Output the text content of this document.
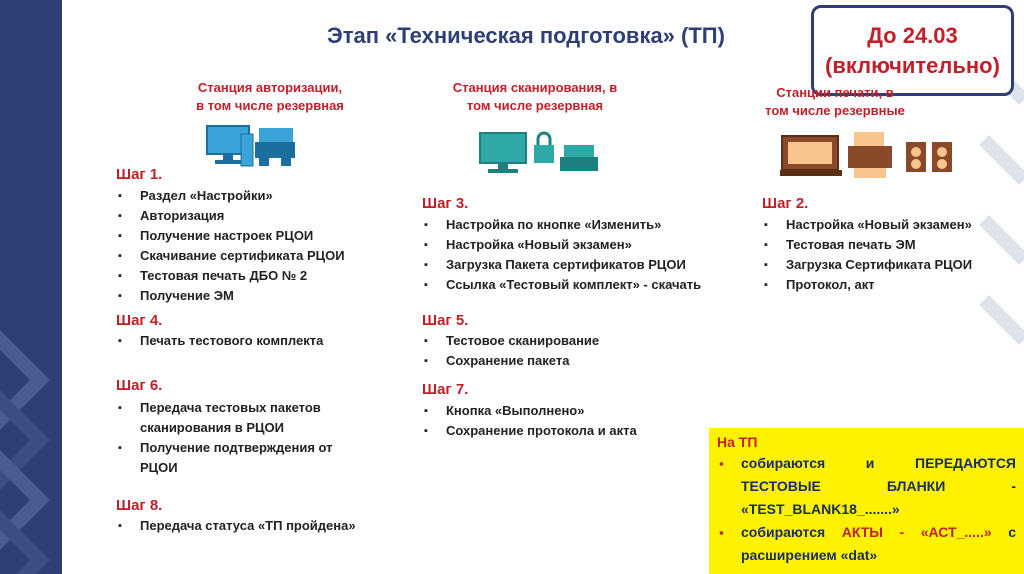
Этап «Техническая подготовка» (ТП)	До 24.03
(включительно)
Станция авторизации,
в том числе резервная
Станция сканирования, в
том числе резервная
Станции печати, в
том числе резервные
Шаг 1.
▪ Раздел «Настройки»
▪ Авторизация
▪ Получение настроек РЦОИ
▪ Скачивание сертификата РЦОИ
▪ Тестовая печать ДБО № 2
▪ Получение ЭМ
Шаг 4.
▪ Печать тестового комплекта
Шаг 6.
▪ Передача тестовых пакетов сканирования в РЦОИ
▪ Получение подтверждения от РЦОИ
Шаг 8.
▪ Передача статуса «ТП пройдена»
Шаг 3.
▪ Настройка по кнопке «Изменить»
▪ Настройка «Новый экзамен»
▪ Загрузка Пакета сертификатов РЦОИ
▪ Ссылка «Тестовый комплект» - скачать
Шаг 5.
▪ Тестовое сканирование
▪ Сохранение пакета
Шаг 7.
▪ Кнопка «Выполнено»
▪ Сохранение протокола и акта
Шаг 2.
▪ Настройка «Новый экзамен»
▪ Тестовая печать ЭМ
▪ Загрузка Сертификата РЦОИ
▪ Протокол, акт
На ТП
▪ собираются и ПЕРЕДАЮТСЯ ТЕСТОВЫЕ БЛАНКИ - «TEST_BLANK18_.......»
▪ собираются АКТЫ - «АСТ_.....» с расширением «dat»
